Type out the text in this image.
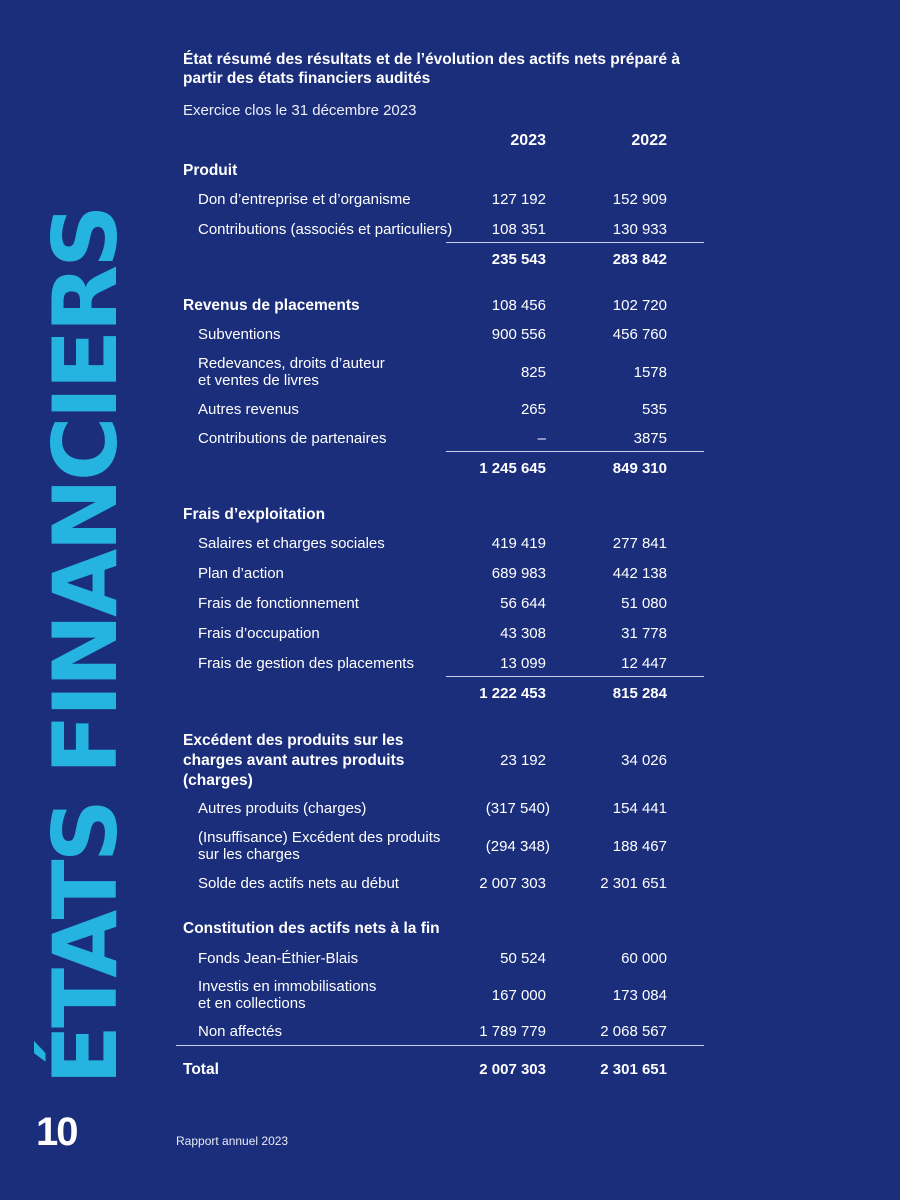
ÉTATS FINANCIERS
10	Rapport annuel 2023
État résumé des résultats et de l’évolution des actifs nets préparé à partir des états financiers audités
Exercice clos le 31 décembre 2023
2023	2022
Produit
Don d’entreprise et d’organisme	127 192	152 909
Contributions (associés et particuliers)	108 351	130 933
235 543	283 842
Revenus de placements	108 456	102 720
Subventions	900 556	456 760
Redevances, droits d’auteur
et ventes de livres	825	1578
Autres revenus	265	535
Contributions de partenaires	–	3875
1 245 645	849 310
Frais d’exploitation
Salaires et charges sociales	419 419	277 841
Plan d’action	689 983	442 138
Frais de fonctionnement	56 644	51 080
Frais d’occupation	43 308	31 778
Frais de gestion des placements	13 099	12 447
1 222 453	815 284
Excédent des produits sur les
charges avant autres produits
(charges)
23 192	34 026
Autres produits (charges)	(317 540)	154 441
(Insuffisance) Excédent des produits
sur les charges	(294 348)	188 467
Solde des actifs nets au début	2 007 303	2 301 651
Constitution des actifs nets à la fin
Fonds Jean-Éthier-Blais	50 524	60 000
Investis en immobilisations
et en collections	167 000	173 084
Non affectés	1 789 779	2 068 567
Total	2 007 303	2 301 651
